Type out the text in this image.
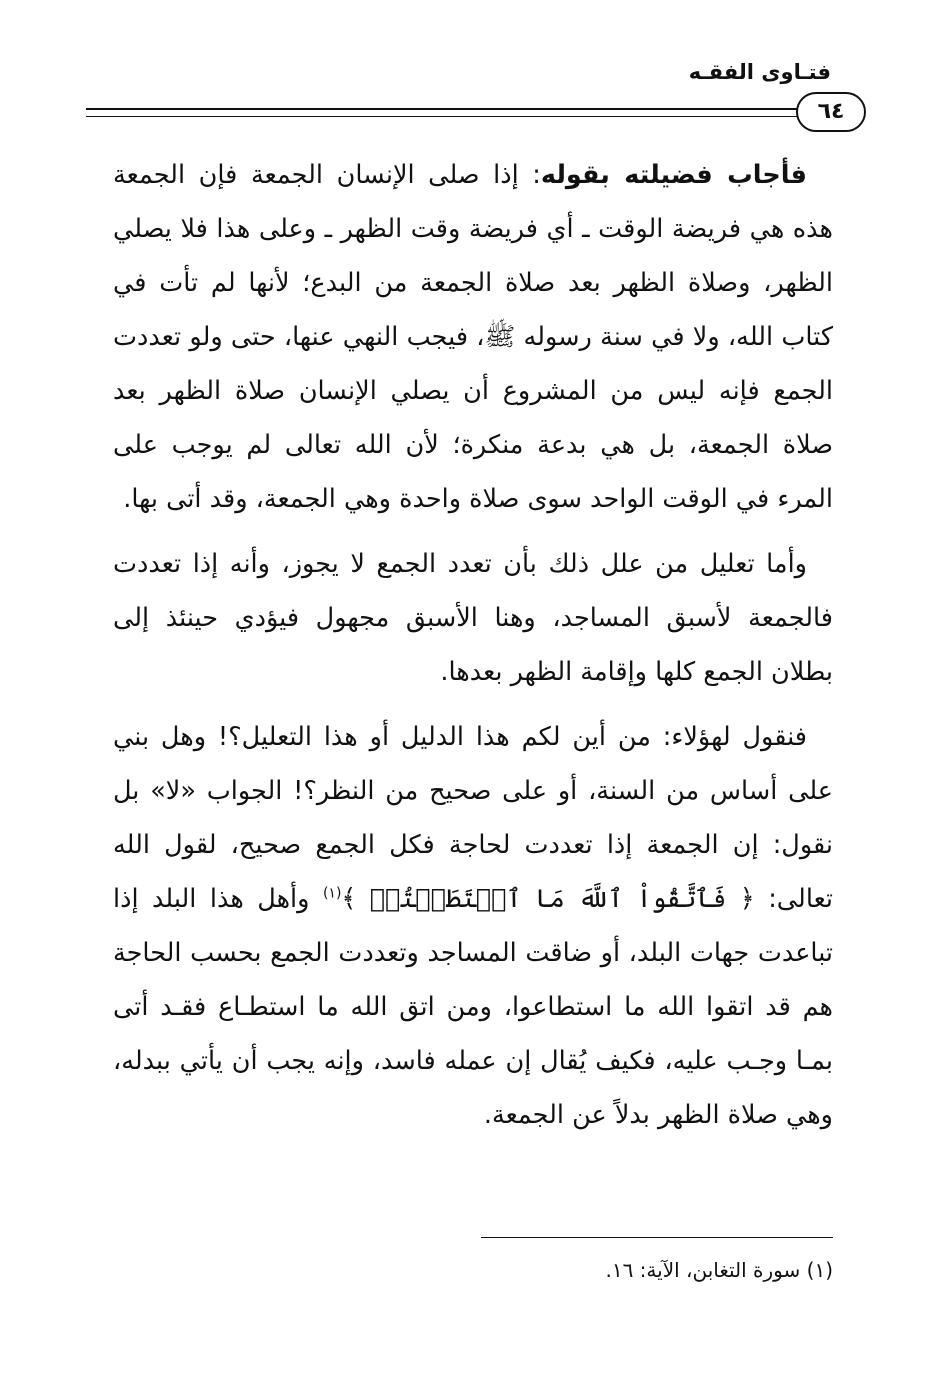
فتـاوى الفقـه
٦٤

فأجاب فضيلته بقوله: إذا صلى الإنسان الجمعة فإن الجمعة هذه هي فريضة الوقت ـ أي فريضة وقت الظهر ـ وعلى هذا فلا يصلي الظهر، وصلاة الظهر بعد صلاة الجمعة من البدع؛ لأنها لم تأت في كتاب الله، ولا في سنة رسوله ﷺ، فيجب النهي عنها، حتى ولو تعددت الجمع فإنه ليس من المشروع أن يصلي الإنسان صلاة الظهر بعد صلاة الجمعة، بل هي بدعة منكرة؛ لأن الله تعالى لم يوجب على المرء في الوقت الواحد سوى صلاة واحدة وهي الجمعة، وقد أتى بها.

وأما تعليل من علل ذلك بأن تعدد الجمع لا يجوز، وأنه إذا تعددت فالجمعة لأسبق المساجد، وهنا الأسبق مجهول فيؤدي حينئذ إلى بطلان الجمع كلها وإقامة الظهر بعدها.

فنقول لهؤلاء: من أين لكم هذا الدليل أو هذا التعليل؟! وهل بني على أساس من السنة، أو على صحيح من النظر؟! الجواب «لا» بل نقول: إن الجمعة إذا تعددت لحاجة فكل الجمع صحيح، لقول الله تعالى: ﴿ فَٱتَّقُواْ ٱللَّهَ مَا ٱسۡتَطَعۡتُمۡ ﴾$^{(١)}$ وأهل هذا البلد إذا تباعدت جهات البلد، أو ضاقت المساجد وتعددت الجمع بحسب الحاجة هم قد اتقوا الله ما استطاعوا، ومن اتق الله ما استطـاع فقـد أتى بمـا وجـب عليه، فكيف يُقال إن عمله فاسد، وإنه يجب أن يأتي ببدله، وهي صلاة الظهر بدلاً عن الجمعة.

(١) سورة التغابن، الآية: ١٦.
